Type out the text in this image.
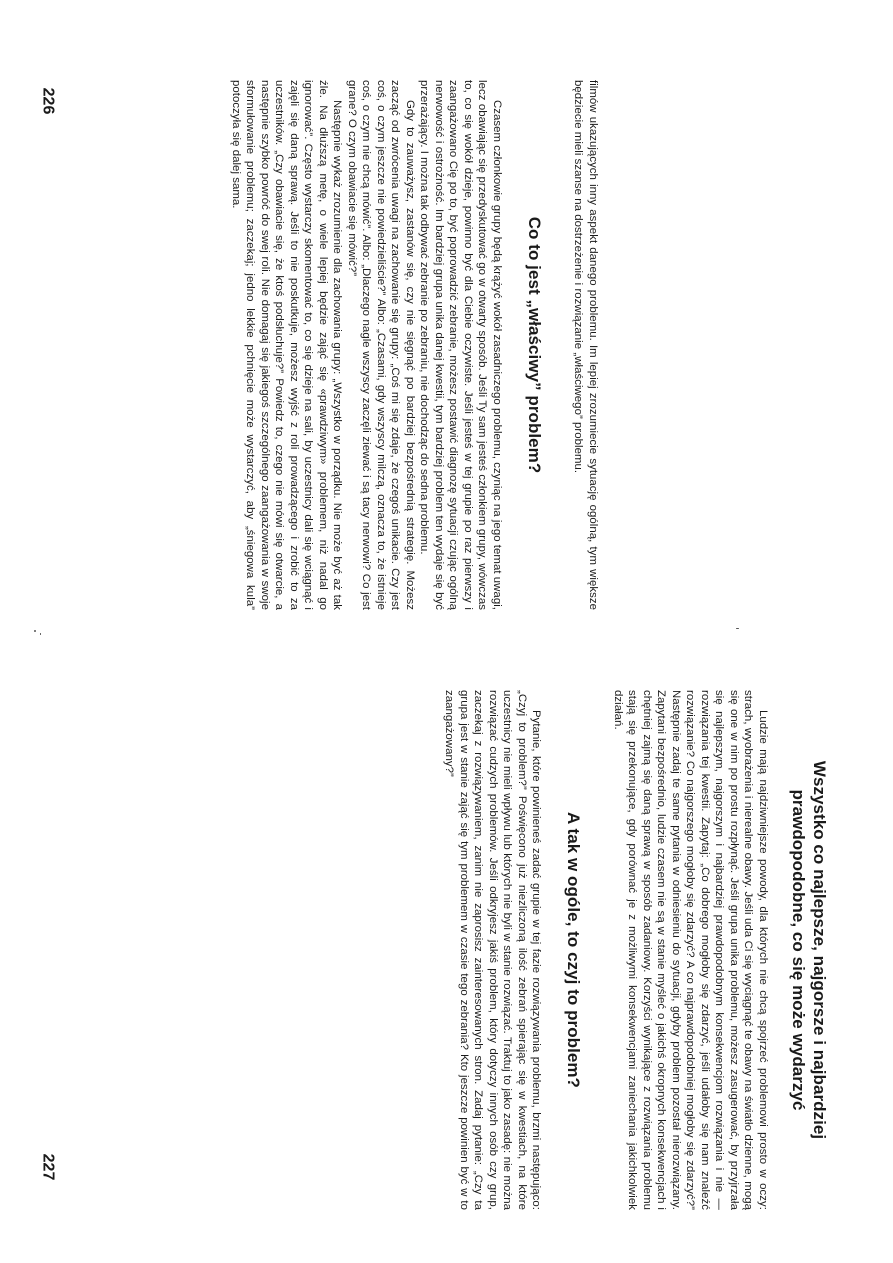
filmów ukazujących inny aspekt danego problemu. Im lepiej zrozumiecie sytuację ogólną, tym większe będziecie mieli szanse na dostrzeżenie i rozwiązanie „właściwego” problemu.

Co to jest „właściwy” problem?

Czasem członkowie grupy będą krążyć wokół zasadniczego problemu, czyniąc na jego temat uwagi, lecz obawiając się przedyskutować go w otwarty sposób. Jeśli Ty sam jesteś członkiem grupy, wówczas to, co się wokół dzieje, powinno być dla Ciebie oczywiste. Jeśli jesteś w tej grupie po raz pierwszy i zaangażowano Cię po to, być poprowadzić zebranie, możesz postawić diagnozę sytuacji czując ogólną nerwowość i ostrożność. Im bardziej grupa unika danej kwestii, tym bardziej problem ten wydaje się być przerażający. I można tak odbywać zebranie po zebraniu, nie dochodząc do sedna problemu.

Gdy to zauważysz, zastanów się, czy nie sięgnąć po bardziej bezpośrednią strategię. Możesz zacząć od zwrócenia uwagi na zachowanie się grupy: „Coś mi się zdaje, że czegoś unikacie. Czy jest coś, o czym jeszcze nie powiedzieliście?” Albo: „Czasami, gdy wszyscy milczą, oznacza to, że istnieje coś, o czym nie chcą mówić”. Albo: „Dlaczego nagle wszyscy zaczęli ziewać i są tacy nerwowi? Co jest grane? O czym obawiacie się mówić?”

Następnie wykaż zrozumienie dla zachowania grupy: „Wszystko w porządku. Nie może być aż tak źle. Na dłuższą metę, o wiele lepiej będzie zająć się «prawdziwym» problemem, niż nadal go ignorować”. Często wystarczy skomentować to, co się dzieje na sali, by uczestnicy dali się wciągnąć i zajęli się daną sprawą. Jeśli to nie poskutkuje, możesz wyjść z roli prowadzącego i zrobić to za uczestników. „Czy obawiacie się, że ktoś podsłuchuje?” Powiedz to, czego nie mówi się otwarcie, a następnie szybko powróć do swej roli. Nie domagaj się jakiegoś szczególnego zaangażowania w swoje sformułowanie problemu; zaczekaj; jedno lekkie pchnięcie może wystarczyć, aby „śniegowa kula” potoczyła się dalej sama.

Wszystko co najlepsze, najgorsze i najbardziej prawdopodobne, co się może wydarzyć

Ludzie mają najdziwniejsze powody, dla których nie chcą spojrzeć problemowi prosto w oczy: strach, wyobrażenia i nierealne obawy. Jeśli uda Ci się wyciągnąć te obawy na światło dzienne, mogą się one w nim po prostu rozpłynąć. Jeśli grupa unika problemu, możesz zasugerować, by przyjrzała się najlepszym, najgorszym i najbardziej prawdopodobnym konsekwencjom rozwiązania i nie — rozwiązania tej kwestii. Zapytaj: „Co dobrego mogłoby się zdarzyć, jeśli udałoby się nam znaleźć rozwiązanie? Co najgorszego mogłoby się zdarzyć? A co najprawdopodobniej mogłoby się zdarzyć?” Następnie zadaj te same pytania w odniesieniu do sytuacji, gdyby problem pozostał nierozwiązany. Zapytani bezpośrednio, ludzie czasem nie są w stanie myśleć o jakichś okropnych konsekwencjach i chętniej zajmą się daną sprawą w sposób zadaniowy. Korzyści wynikające z rozwiązania problemu stają się przekonujące, gdy porównać je z możliwymi konsekwencjami zaniechania jakichkolwiek działań.

A tak w ogóle, to czyj to problem?

Pytanie, które powinieneś zadać grupie w tej fazie rozwiązywania problemu, brzmi następująco: „Czyj to problem?” Poświęcono już niezliczoną ilość zebrań spierając się w kwestiach, na które uczestnicy nie mieli wpływu lub których nie byli w stanie rozwiązać. Traktuj to jako zasadę: nie można rozwiązać cudzych problemów. Jeśli odkryjesz jakiś problem, który dotyczy innych osób czy grup, zaczekaj z rozwiązywaniem, zanim nie zaprosisz zainteresowanych stron. Zadaj pytanie: „Czy ta grupa jest w stanie zająć się tym problemem w czasie tego zebrania? Kto jeszcze powinien być w to zaangażowany?”

226
227
